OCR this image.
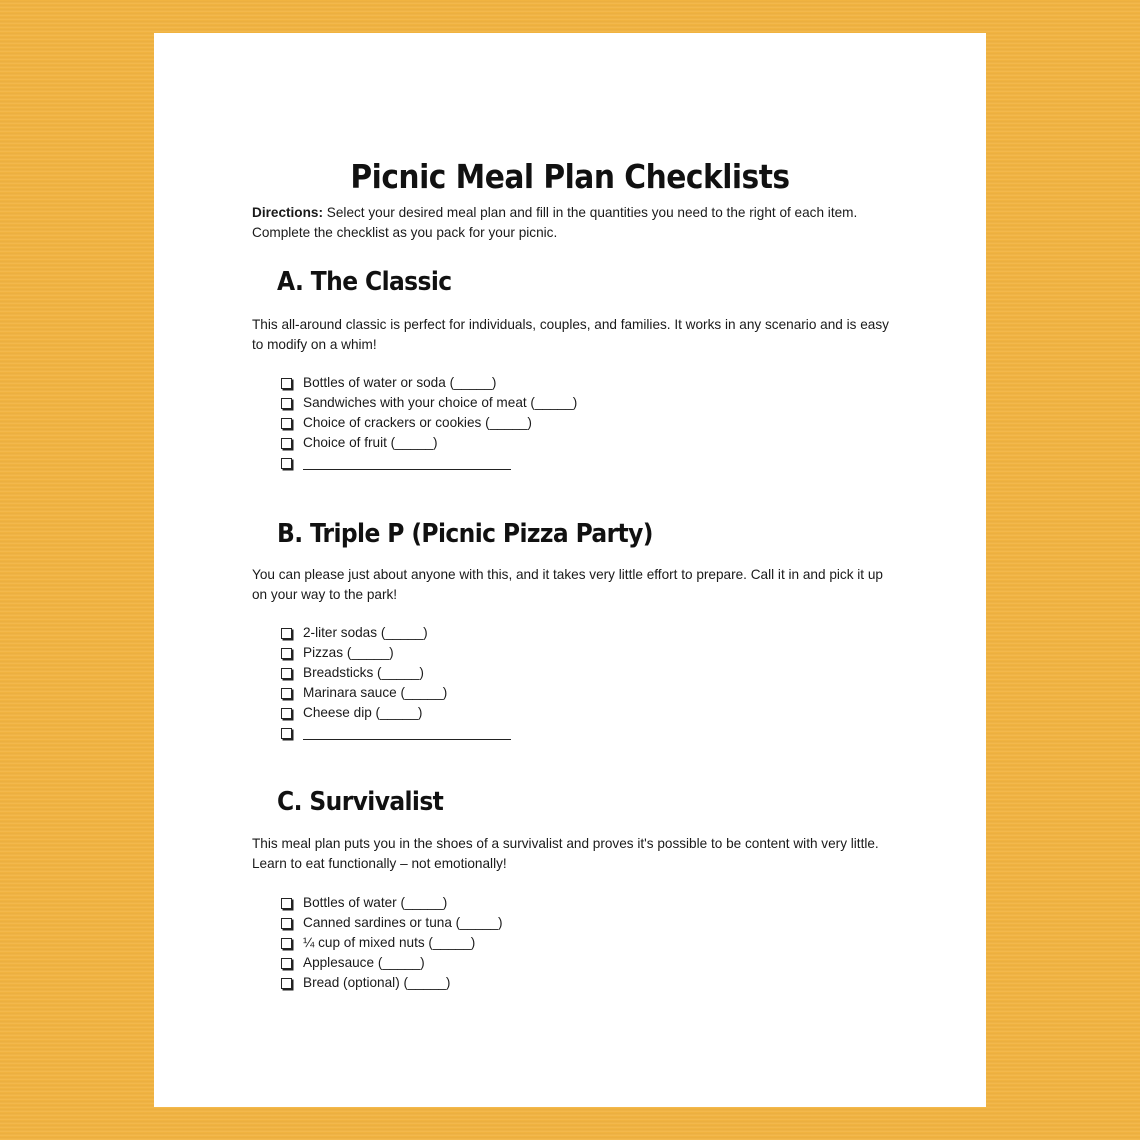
Picnic Meal Plan Checklists

Directions: Select your desired meal plan and fill in the quantities you need to the right of each item. Complete the checklist as you pack for your picnic.

A. The Classic

This all-around classic is perfect for individuals, couples, and families. It works in any scenario and is easy to modify on a whim!

Bottles of water or soda (_____)
Sandwiches with your choice of meat (_____)
Choice of crackers or cookies (_____)
Choice of fruit (_____)
B. Triple P (Picnic Pizza Party)

You can please just about anyone with this, and it takes very little effort to prepare. Call it in and pick it up on your way to the park!

2-liter sodas (_____)
Pizzas (_____)
Breadsticks (_____)
Marinara sauce (_____)
Cheese dip (_____)
C. Survivalist

This meal plan puts you in the shoes of a survivalist and proves it's possible to be content with very little. Learn to eat functionally – not emotionally!

Bottles of water (_____)
Canned sardines or tuna (_____)
¼ cup of mixed nuts (_____)
Applesauce (_____)
Bread (optional) (_____)
